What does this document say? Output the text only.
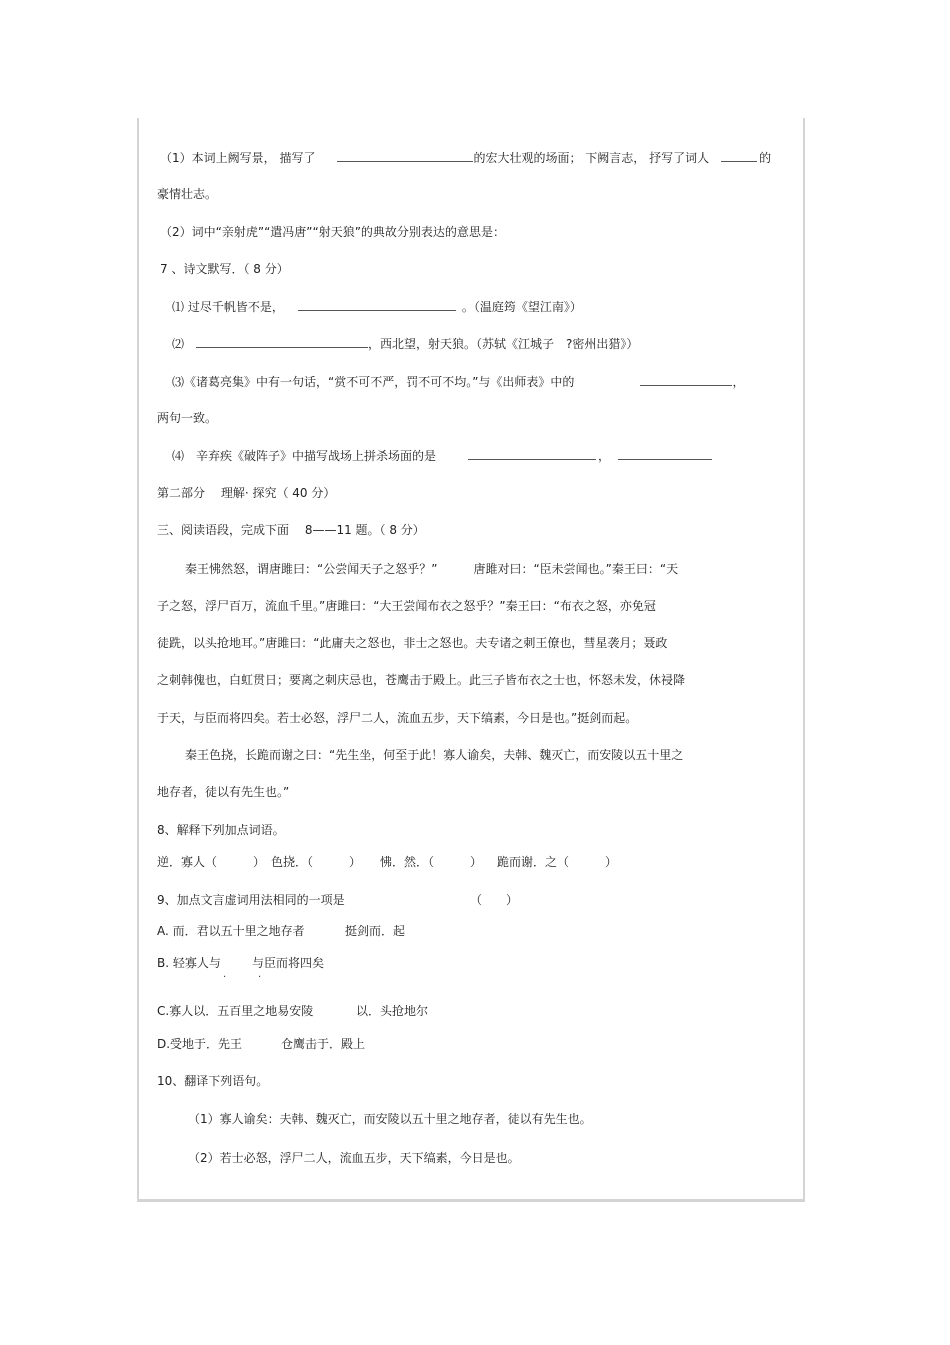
（1）本词上阙写景， 描写了	的宏大壮观的场面； 下阙言志， 抒写了词人	的
豪情壮志。
（2）词中“亲射虎”“遣冯唐”“射天狼”的典故分别表达的意思是：
7 、诗文默写．（ 8 分）
⑴ 过尽千帆皆不是，	。（温庭筠《望江南》）
⑵	，西北望，射天狼。（苏轼《江城子　?密州出猎》）
⑶《诸葛亮集》中有一句话，“赏不可不严，罚不可不均。”与《出师表》中的	，
两句一致。
⑷　辛弃疾《破阵子》中描写战场上拼杀场面的是	，
第二部分　 理解· 探究（ 40 分）
三、阅读语段，完成下面　 8——11 题。（ 8 分）
秦王怫然怒，谓唐雎曰：“公尝闻天子之怒乎？”	唐雎对曰：“臣未尝闻也。”秦王曰：“天
子之怒，浮尸百万，流血千里。”唐雎曰：“大王尝闻布衣之怒乎？”秦王曰：“布衣之怒，亦免冠
徒跣，以头抢地耳。”唐雎曰：“此庸夫之怒也，非士之怒也。夫专诸之刺王僚也，彗星袭月；聂政
之刺韩傀也，白虹贯日；要离之刺庆忌也，苍鹰击于殿上。此三子皆布衣之士也，怀怒未发，休祲降
于天，与臣而将四矣。若士必怒，浮尸二人，流血五步，天下缟素，今日是也。”挺剑而起。
秦王色挠，长跪而谢之曰：“先生坐，何至于此！寡人谕矣，夫韩、魏灭亡，而安陵以五十里之
地存者，徒以有先生也。”
8、解释下列加点词语。
逆．寡人（　　　） 色挠．（　　　） 怫．然．（　　　） 跪而谢．之（　　　）
9、加点文言虚词用法相同的一项是	（　　）
A. 而．君以五十里之地存者	挺剑而．起
B. 轻寡人与	与臣而将四矣
·	·
C.寡人以．五百里之地易安陵	以．头抢地尔
D.受地于．先王	仓鹰击于．殿上
10、翻译下列语句。
（1）寡人谕矣：夫韩、魏灭亡，而安陵以五十里之地存者，徒以有先生也。
（2）若士必怒，浮尸二人，流血五步，天下缟素，今日是也。
